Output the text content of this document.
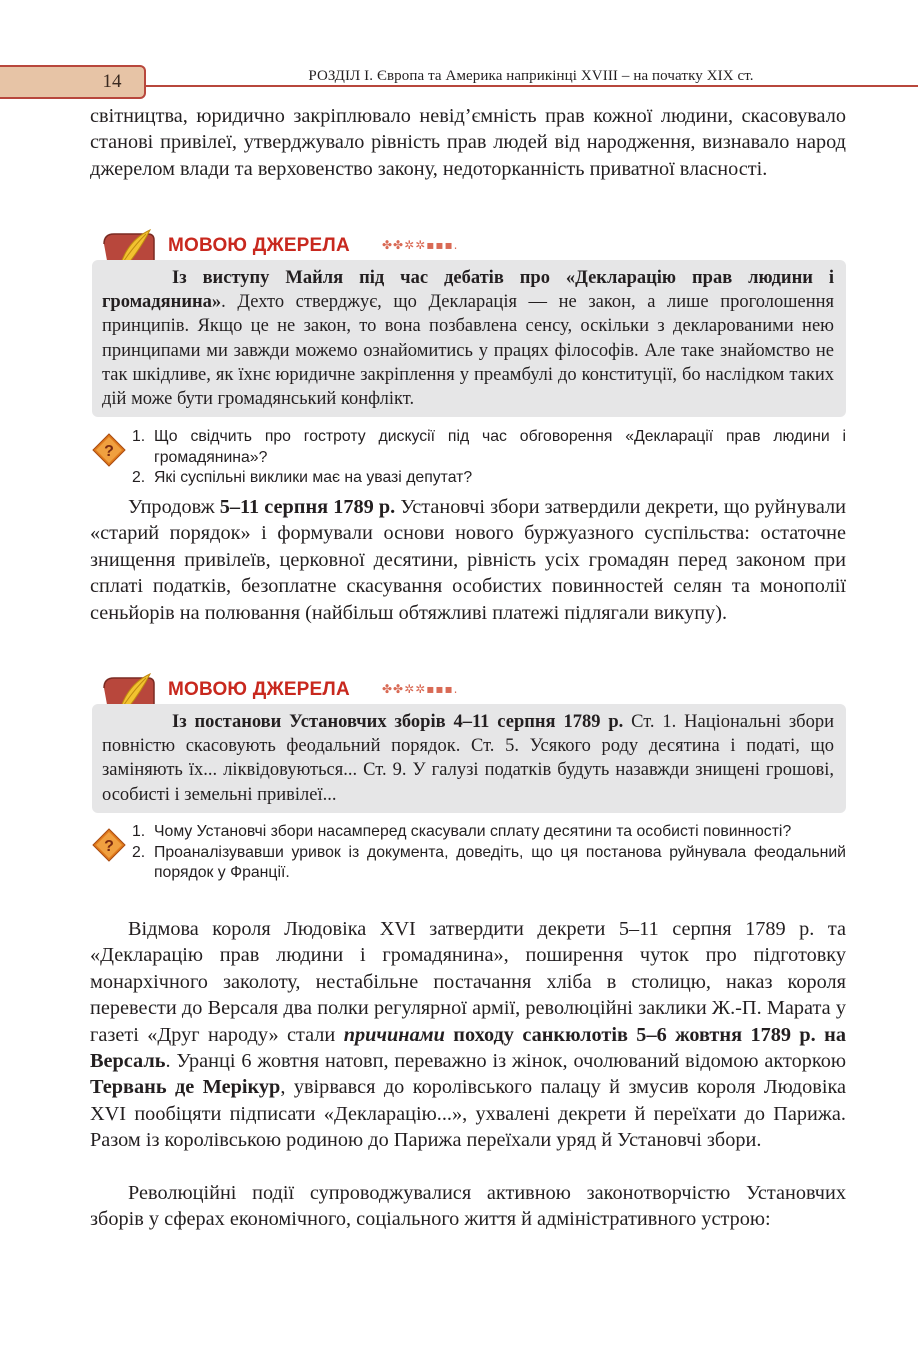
14	РОЗДІЛ І. Європа та Америка наприкінці XVIII – на початку XIX ст.

світництва, юридично закріплювало невід’ємність прав кожної людини, скасовувало станові привілеї, утверджувало рівність прав людей від народження, визнавало народ джерелом влади та верховенство закону, недоторканність приватної власності.

МОВОЮ ДЖЕРЕЛА	✤✤✲✲▪▪▪.

Із виступу Майля під час дебатів про «Декларацію прав людини і громадянина». Дехто стверджує, що Декларація — не закон, а лише проголошення принципів. Якщо це не закон, то вона позбавлена сенсу, оскільки з декларованими нею принципами ми завжди можемо ознайомитись у працях філософів. Але таке знайомство не так шкідливе, як їхнє юридичне закріплення у преамбулі до конституції, бо наслідком таких дій може бути громадянський конфлікт.

?
1. Що свідчить про гостроту дискусії під час обговорення «Декларації прав людини і громадянина»?
2. Які суспільні виклики має на увазі депутат?

Упродовж 5–11 серпня 1789 р. Установчі збори затвердили декрети, що руйнували «старий порядок» і формували основи нового буржуазного суспільства: остаточне знищення привілеїв, церковної десятини, рівність усіх громадян перед законом при сплаті податків, безоплатне скасування особистих повинностей селян та монополії сеньйорів на полювання (найбільш обтяжливі платежі підлягали викупу).

МОВОЮ ДЖЕРЕЛА	✤✤✲✲▪▪▪.

Із постанови Установчих зборів 4–11 серпня 1789 р. Ст. 1. Національні збори повністю скасовують феодальний порядок. Ст. 5. Усякого роду десятина і податі, що заміняють їх... ліквідовуються... Ст. 9. У галузі податків будуть назавжди знищені грошові, особисті і земельні привілеї...

?
1. Чому Установчі збори насамперед скасували сплату десятини та особисті повинності?
2. Проаналізувавши уривок із документа, доведіть, що ця постанова руйнувала феодальний порядок у Франції.

Відмова короля Людовіка XVI затвердити декрети 5–11 серпня 1789 р. та «Декларацію прав людини і громадянина», поширення чуток про підготовку монархічного заколоту, нестабільне постачання хліба в столицю, наказ короля перевести до Версаля два полки регулярної армії, революційні заклики Ж.-П. Марата у газеті «Друг народу» стали причинами походу санкюлотів 5–6 жовтня 1789 р. на Версаль. Уранці 6 жовтня натовп, переважно із жінок, очолюваний відомою акторкою Тервань де Мерікур, увірвався до королівського палацу й змусив короля Людовіка XVI пообіцяти підписати «Декларацію...», ухвалені декрети й переїхати до Парижа. Разом із королівською родиною до Парижа переїхали уряд й Установчі збори.

Революційні події супроводжувалися активною законотворчістю Установчих зборів у сферах економічного, соціального життя й адміністративного устрою:
